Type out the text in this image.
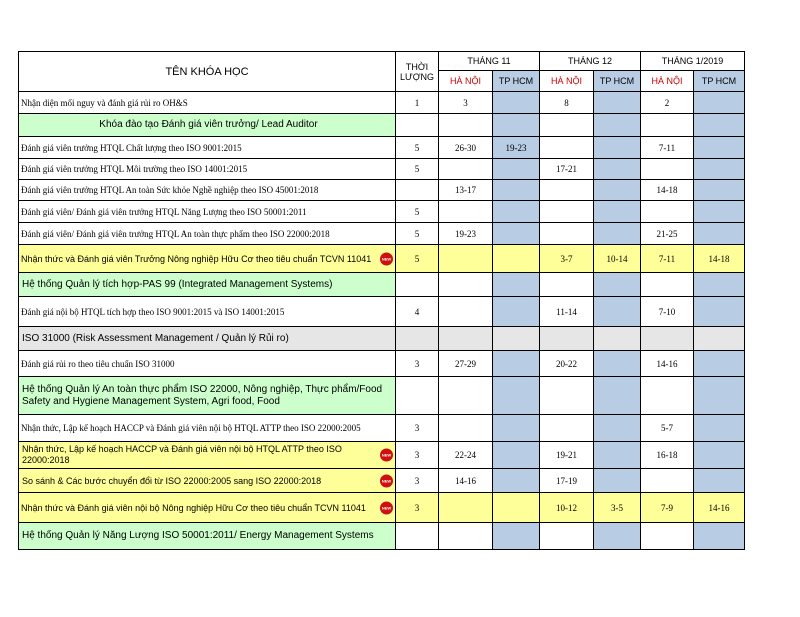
TÊN KHÓA HỌC	THỜI LƯỢNG	THÁNG 11		THÁNG 12		THÁNG 1/2019	
		HÀ NỘI	TP HCM	HÀ NỘI	TP HCM	HÀ NỘI	TP HCM
Nhận diện mối nguy và đánh giá rủi ro OH&S	1	3		8		2	
Khóa đào tạo Đánh giá viên trưởng/ Lead Auditor							
Đánh giá viên trưởng HTQL Chất lượng theo ISO 9001:2015	5	26-30	19-23			7-11	
Đánh giá viên trưởng HTQL Môi trường theo ISO 14001:2015	5			17-21			
Đánh giá viên trưởng HTQL An toàn Sức khỏe Nghề nghiệp theo ISO 45001:2018		13-17				14-18	
Đánh giá viên/ Đánh giá viên trưởng HTQL Năng Lượng theo ISO 50001:2011	5						
Đánh giá viên/ Đánh giá viên trưởng HTQL An toàn thực phẩm theo ISO 22000:2018	5	19-23				21-25	
Nhận thức và Đánh giá viên Trưởng Nông nghiệp Hữu Cơ theo tiêu chuẩn TCVN 11041 NEW	5			3-7	10-14	7-11	14-18
Hệ thống Quản lý tích hợp-PAS 99 (Integrated Management Systems)							
Đánh giá nội bộ HTQL tích hợp theo ISO 9001:2015 và ISO 14001:2015	4			11-14		7-10	
ISO 31000 (Risk Assessment Management / Quản lý Rủi ro)							
Đánh giá rủi ro theo tiêu chuẩn ISO 31000	3	27-29		20-22		14-16	
Hệ thống Quản lý An toàn thực phẩm ISO 22000, Nông nghiệp, Thực phẩm/Food Safety and Hygiene Management System, Agri food, Food							
Nhận thức, Lập kế hoạch HACCP và Đánh giá viên nội bộ HTQL ATTP theo ISO 22000:2005	3					5-7	
Nhận thức, Lập kế hoạch HACCP và Đánh giá viên nội bộ HTQL ATTP theo ISO 22000:2018 NEW	3	22-24		19-21		16-18	
So sánh & Các bước chuyển đổi từ ISO 22000:2005 sang ISO 22000:2018 NEW	3	14-16		17-19			
Nhận thức và Đánh giá viên nội bộ Nông nghiệp Hữu Cơ theo tiêu chuẩn TCVN 11041 NEW	3			10-12	3-5	7-9	14-16
Hệ thống Quản lý Năng Lượng ISO 50001:2011/ Energy Management Systems							
